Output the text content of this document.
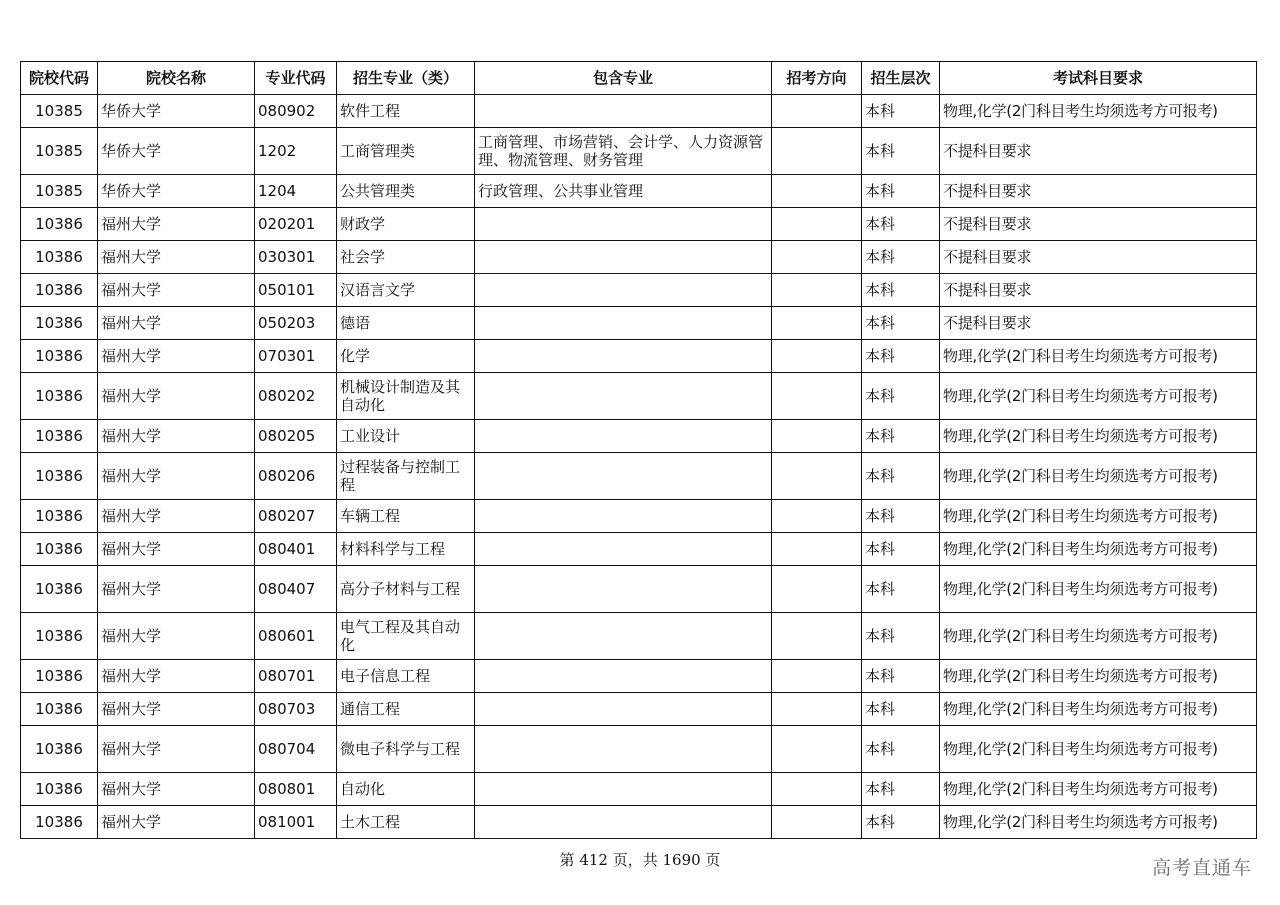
院校代码	院校名称	专业代码	招生专业（类）	包含专业	招考方向	招生层次	考试科目要求
10385	华侨大学	080902	软件工程			本科	物理,化学(2门科目考生均须选考方可报考)
10385	华侨大学	1202	工商管理类	工商管理、市场营销、会计学、人力资源管理、物流管理、财务管理		本科	不提科目要求
10385	华侨大学	1204	公共管理类	行政管理、公共事业管理		本科	不提科目要求
10386	福州大学	020201	财政学			本科	不提科目要求
10386	福州大学	030301	社会学			本科	不提科目要求
10386	福州大学	050101	汉语言文学			本科	不提科目要求
10386	福州大学	050203	德语			本科	不提科目要求
10386	福州大学	070301	化学			本科	物理,化学(2门科目考生均须选考方可报考)
10386	福州大学	080202	机械设计制造及其自动化			本科	物理,化学(2门科目考生均须选考方可报考)
10386	福州大学	080205	工业设计			本科	物理,化学(2门科目考生均须选考方可报考)
10386	福州大学	080206	过程装备与控制工程			本科	物理,化学(2门科目考生均须选考方可报考)
10386	福州大学	080207	车辆工程			本科	物理,化学(2门科目考生均须选考方可报考)
10386	福州大学	080401	材料科学与工程			本科	物理,化学(2门科目考生均须选考方可报考)
10386	福州大学	080407	高分子材料与工程			本科	物理,化学(2门科目考生均须选考方可报考)
10386	福州大学	080601	电气工程及其自动化			本科	物理,化学(2门科目考生均须选考方可报考)
10386	福州大学	080701	电子信息工程			本科	物理,化学(2门科目考生均须选考方可报考)
10386	福州大学	080703	通信工程			本科	物理,化学(2门科目考生均须选考方可报考)
10386	福州大学	080704	微电子科学与工程			本科	物理,化学(2门科目考生均须选考方可报考)
10386	福州大学	080801	自动化			本科	物理,化学(2门科目考生均须选考方可报考)
10386	福州大学	081001	土木工程			本科	物理,化学(2门科目考生均须选考方可报考)
第 412 页，共 1690 页	高考直通车
